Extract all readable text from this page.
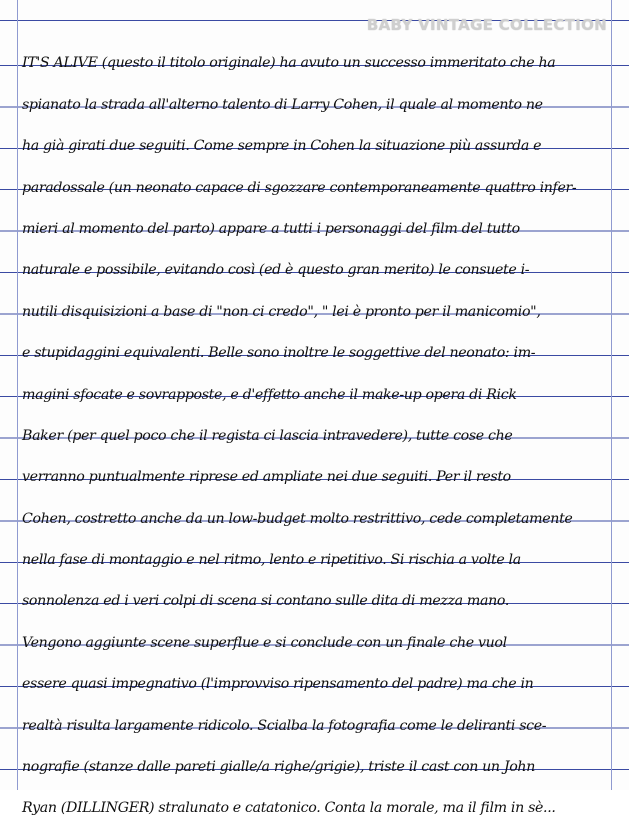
BABY VINTAGE COLLECTION
IT'S ALIVE (questo il titolo originale) ha avuto un successo immeritato che ha
spianato la strada all'alterno talento di Larry Cohen, il quale al momento ne
ha già girati due seguiti. Come sempre in Cohen la situazione più assurda e
paradossale (un neonato capace di sgozzare contemporaneamente quattro infer-
mieri al momento del parto) appare a tutti i personaggi del film del tutto
naturale e possibile, evitando così (ed è questo gran merito) le consuete i-
nutili disquisizioni a base di "non ci credo", " lei è pronto per il manicomio",
e stupidaggini equivalenti. Belle sono inoltre le soggettive del neonato: im-
magini sfocate e sovrapposte, e d'effetto anche il make-up opera di Rick
Baker (per quel poco che il regista ci lascia intravedere), tutte cose che
verranno puntualmente riprese ed ampliate nei due seguiti. Per il resto
Cohen, costretto anche da un low-budget molto restrittivo, cede completamente
nella fase di montaggio e nel ritmo, lento e ripetitivo. Si rischia a volte la
sonnolenza ed i veri colpi di scena si contano sulle dita di mezza mano.
Vengono aggiunte scene superflue e si conclude con un finale che vuol
essere quasi impegnativo (l'improvviso ripensamento del padre) ma che in
realtà risulta largamente ridicolo. Scialba la fotografia come le deliranti sce-
nografie (stanze dalle pareti gialle/a righe/grigie), triste il cast con un John
Ryan (DILLINGER) stralunato e catatonico. Conta la morale, ma il film in sè...
